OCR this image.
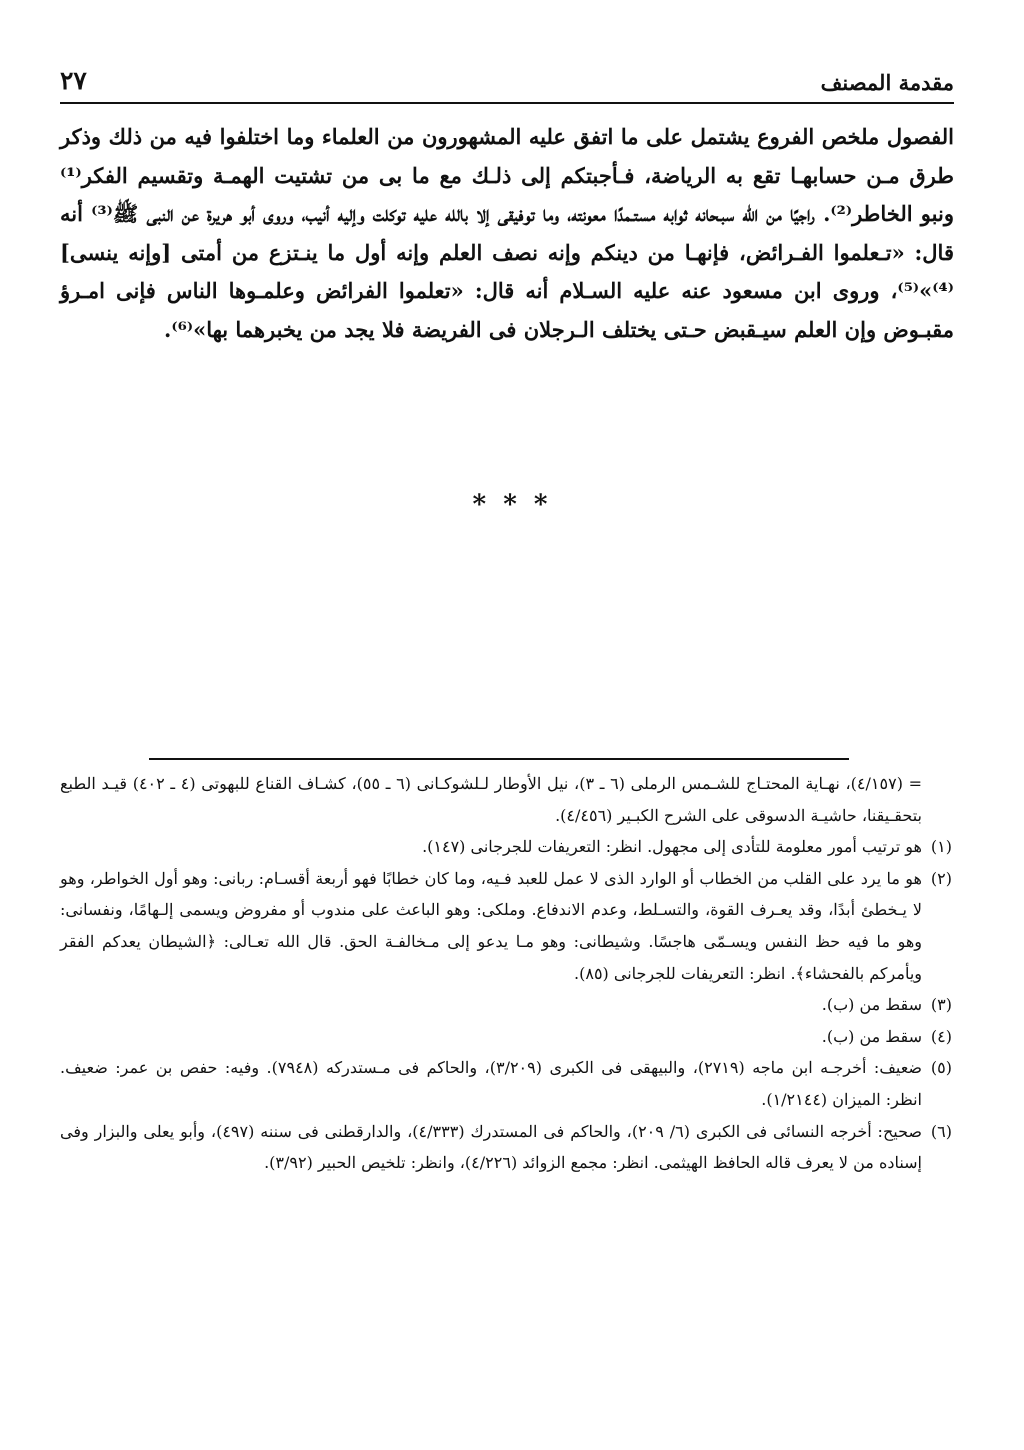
مقدمة المصنف
٢٧

الفصول ملخص الفروع يشتمل على ما اتفق عليه المشهورون من العلماء وما اختلفوا فيه من ذلك وذكر طرق مـن حسابهـا تقع به الرياضة، فـأجبتكم إلى ذلـك مع ما بى من تشتيت الهمـة وتقسيم الفكر⁽¹⁾ ونبو الخاطر⁽²⁾. راجيًا من الله سبـحانه ثوابه مستـمدًا معونته، وما توفيقى إلا بالله عليه توكلت وإليه أنيب، وروى أبو هريرة عن النبى ﷺ⁽³⁾ أنه قال: «تـعلموا الفـرائض، فإنهـا من دينكم وإنه نصف العلم وإنه أول ما ينـتزع من أمتى [وإنه ينسى]⁽⁴⁾»⁽⁵⁾، وروى ابن مسعود عنه عليه السـلام أنه قال: «تعلموا الفرائض وعلمـوها الناس فإنى امـرؤ مقبـوض وإن العلم سيـقبض حـتى يختلف الـرجلان فى الفريضة فلا يجد من يخبرهما بها»⁽⁶⁾.

* * *

= (٤/١٥٧)، نهـاية المحتـاج للشـمس الرملى (٦ ـ ٣)، نيل الأوطار لـلشوكـانى (٦ ـ ٥٥)، كشـاف القناع للبهوتى (٤ ـ ٤٠٢) قيـد الطبع بتحقـيقنا، حاشيـة الدسوقى على الشرح الكبـير (٤/٤٥٦).

(١)هو ترتيب أمور معلومة للتأدى إلى مجهول. انظر: التعريفات للجرجانى (١٤٧).

(٢)هو ما يرد على القلب من الخطاب أو الوارد الذى لا عمل للعبد فـيه، وما كان خطابًا فهو أربعة أقسـام: ربانى: وهو أول الخواطر، وهو لا يـخطئ أبدًا، وقد يعـرف القوة، والتسـلط، وعدم الاندفاع. وملكى: وهو الباعث على مندوب أو مفروض ويسمى إلـهامًا، ونفسانى: وهو ما فيه حظ النفس ويسـمّى هاجسًا. وشيطانى: وهو مـا يدعو إلى مـخالفـة الحق. قال الله تعـالى: ﴿الشيطان يعدكم الفقر ويأمركم بالفحشاء﴾. انظر: التعريفات للجرجانى (٨٥).

(٣)سقط من (ب).

(٤)سقط من (ب).

(٥)ضعيف: أخرجـه ابن ماجه (٢٧١٩)، والبيهقى فى الكبرى (٣/٢٠٩)، والحاكم فى مـستدركه (٧٩٤٨). وفيه: حفص بن عمر: ضعيف. انظر: الميزان (١/٢١٤٤).

(٦)صحيح: أخرجه النسائى فى الكبرى (٦/ ٢٠٩)، والحاكم فى المستدرك (٤/٣٣٣)، والدارقطنى فى سننه (٤٩٧)، وأبو يعلى والبزار وفى إسناده من لا يعرف قاله الحافظ الهيثمى. انظر: مجمع الزوائد (٤/٢٢٦)، وانظر: تلخيص الحبير (٣/٩٢).
